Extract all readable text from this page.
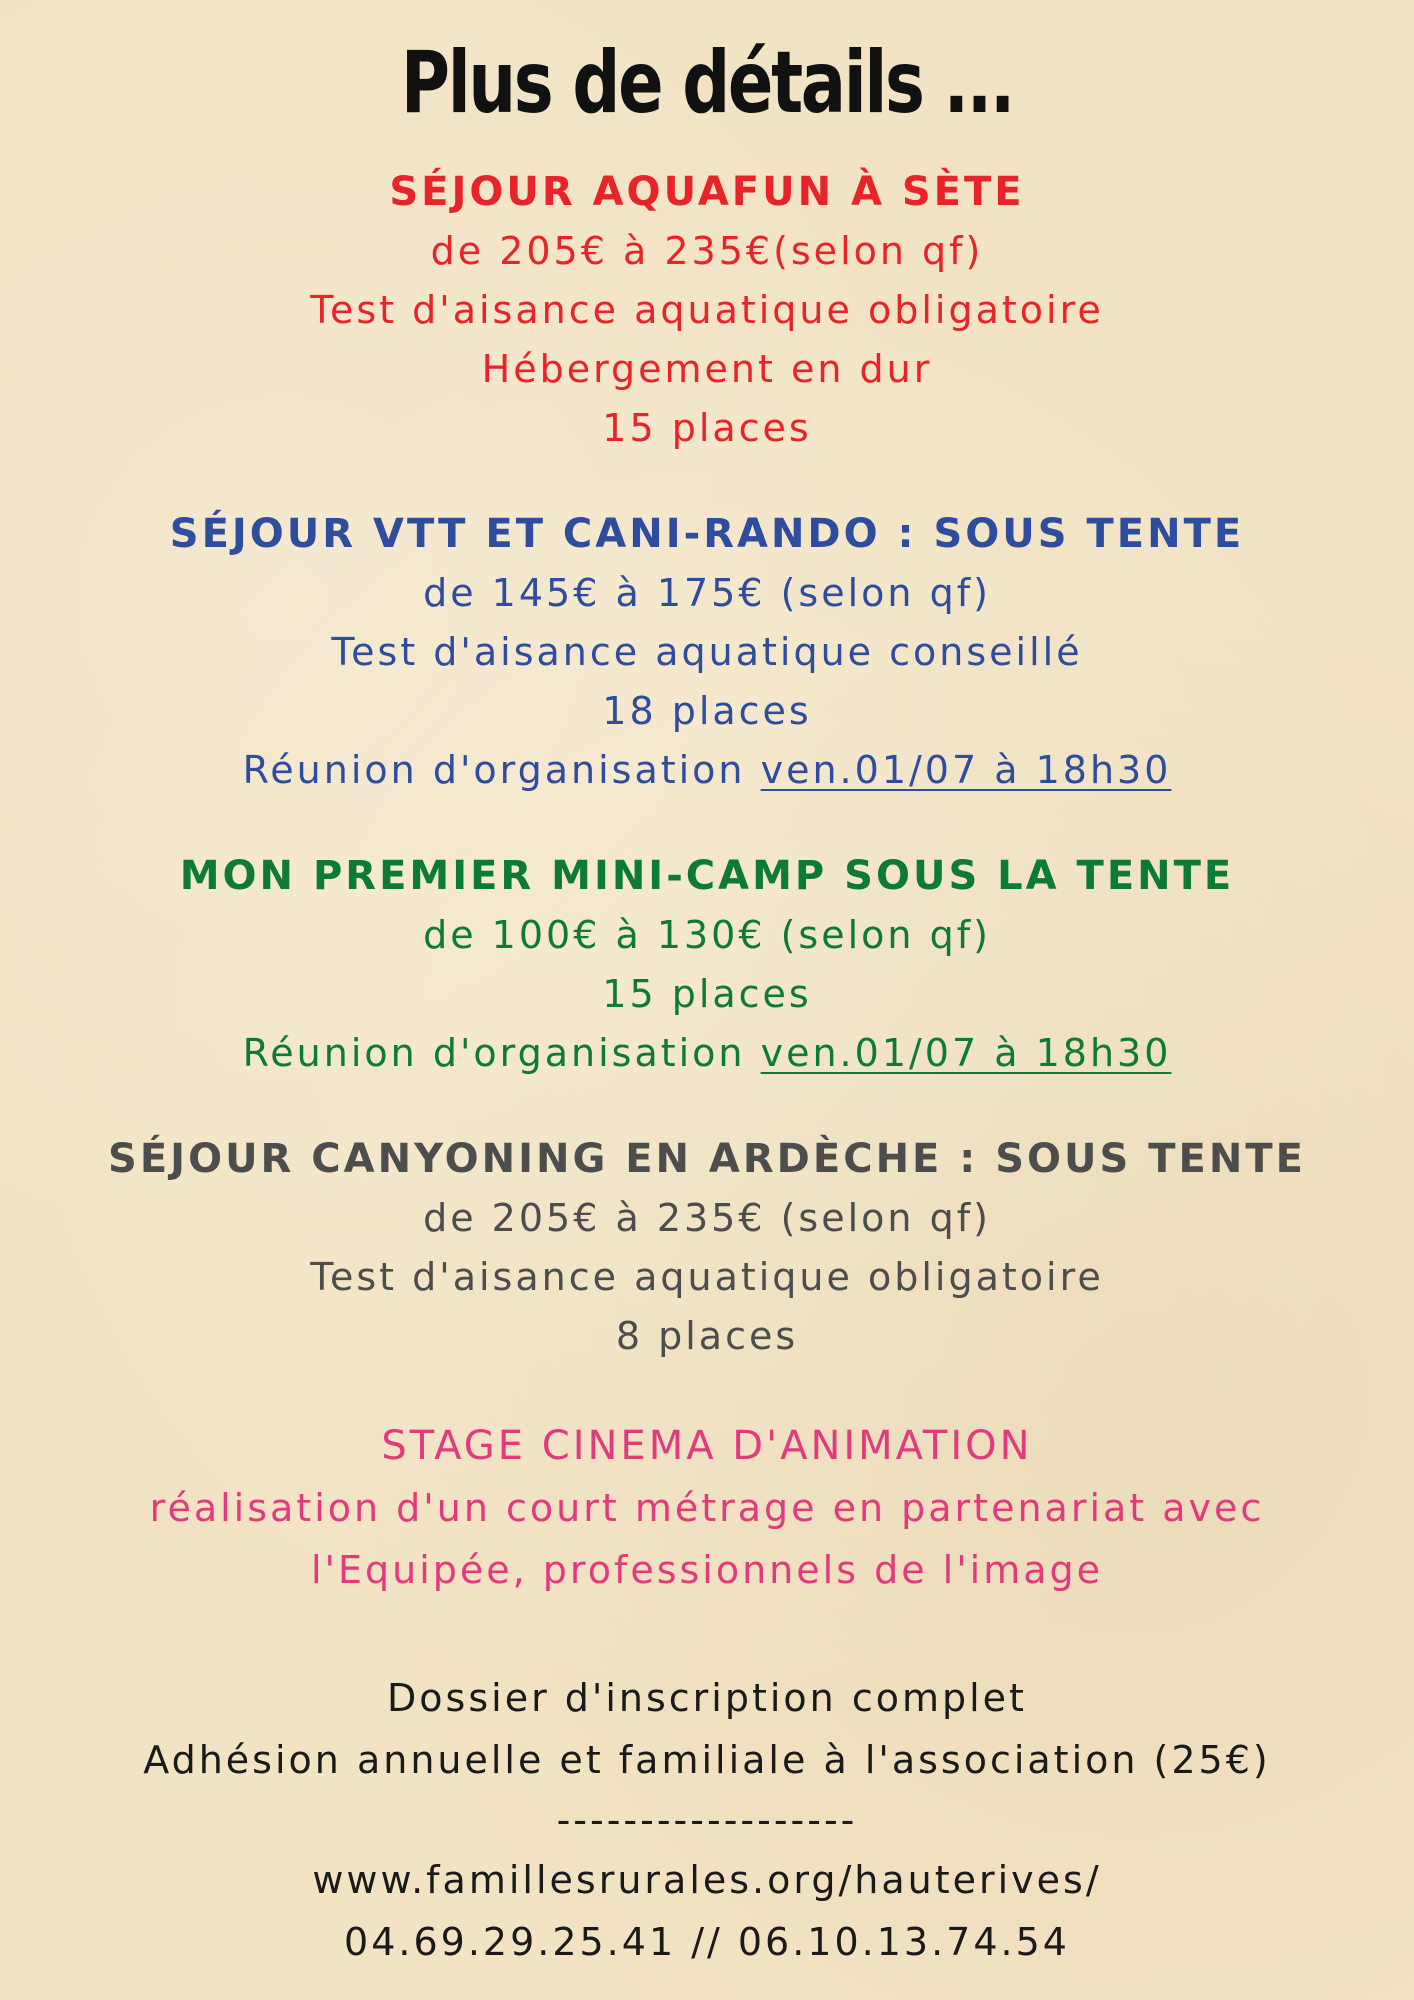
Plus de détails ...
SÉJOUR AQUAFUN À SÈTE
de 205€ à 235€(selon qf)
Test d'aisance aquatique obligatoire
Hébergement en dur
15 places
SÉJOUR VTT ET CANI-RANDO : SOUS TENTE
de 145€ à 175€ (selon qf)
Test d'aisance aquatique conseillé
18 places
Réunion d'organisation ven.01/07 à 18h30
MON PREMIER MINI-CAMP SOUS LA TENTE
de 100€ à 130€ (selon qf)
15 places
Réunion d'organisation ven.01/07 à 18h30
SÉJOUR CANYONING EN ARDÈCHE : SOUS TENTE
de 205€ à 235€ (selon qf)
Test d'aisance aquatique obligatoire
8 places
STAGE CINEMA D'ANIMATION
réalisation d'un court métrage en partenariat avec
l'Equipée, professionnels de l'image
Dossier d'inscription complet
Adhésion annuelle et familiale à l'association (25€)
------------------
www.famillesrurales.org/hauterives/
04.69.29.25.41 // 06.10.13.74.54
